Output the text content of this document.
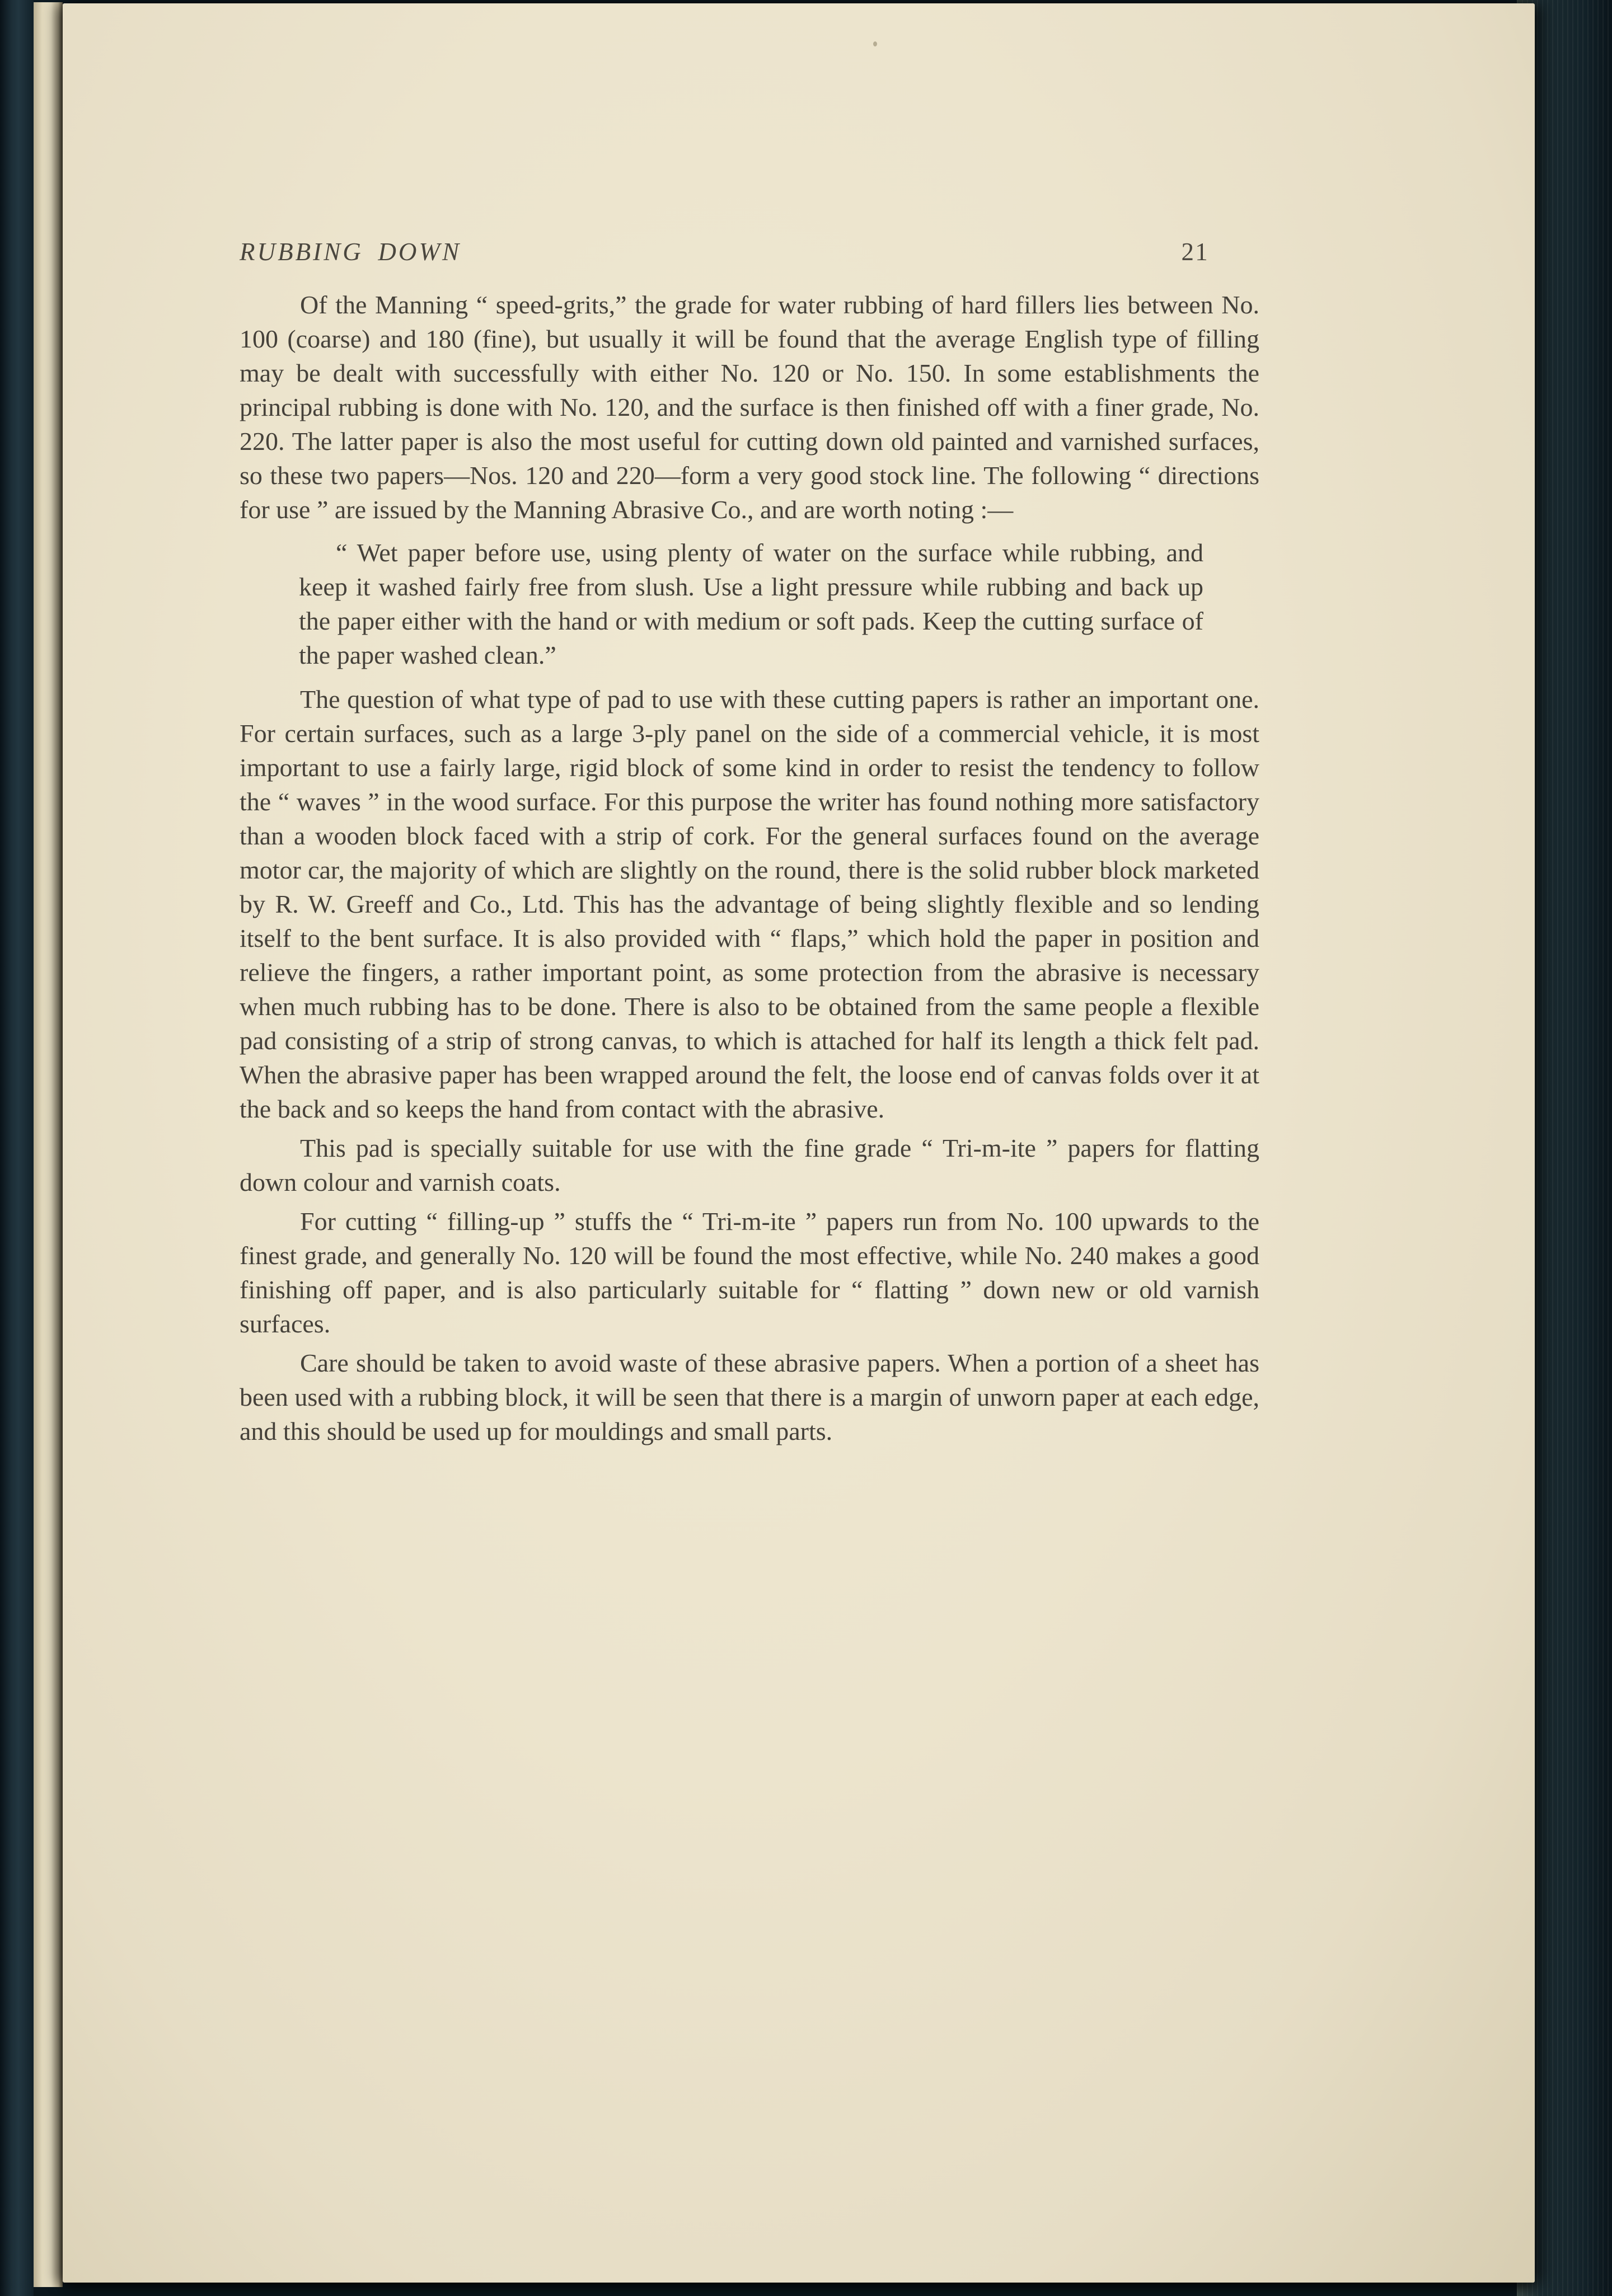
RUBBING DOWN	21

Of the Manning “ speed-grits,” the grade for water rubbing of hard fillers lies between No. 100 (coarse) and 180 (fine), but usually it will be found that the average English type of filling may be dealt with successfully with either No. 120 or No. 150. In some establishments the principal rubbing is done with No. 120, and the surface is then finished off with a finer grade, No. 220. The latter paper is also the most useful for cutting down old painted and varnished surfaces, so these two papers—Nos. 120 and 220—form a very good stock line. The following “ directions for use ” are issued by the Manning Abrasive Co., and are worth noting :—

“ Wet paper before use, using plenty of water on the surface while rubbing, and keep it washed fairly free from slush. Use a light pressure while rubbing and back up the paper either with the hand or with medium or soft pads. Keep the cutting surface of the paper washed clean.”

The question of what type of pad to use with these cutting papers is rather an important one. For certain surfaces, such as a large 3-ply panel on the side of a commercial vehicle, it is most important to use a fairly large, rigid block of some kind in order to resist the tendency to follow the “ waves ” in the wood surface. For this purpose the writer has found nothing more satisfactory than a wooden block faced with a strip of cork. For the general surfaces found on the average motor car, the majority of which are slightly on the round, there is the solid rubber block marketed by R. W. Greeff and Co., Ltd. This has the advantage of being slightly flexible and so lending itself to the bent surface. It is also provided with “ flaps,” which hold the paper in position and relieve the fingers, a rather important point, as some protection from the abrasive is necessary when much rubbing has to be done. There is also to be obtained from the same people a flexible pad consisting of a strip of strong canvas, to which is attached for half its length a thick felt pad. When the abrasive paper has been wrapped around the felt, the loose end of canvas folds over it at the back and so keeps the hand from contact with the abrasive.

This pad is specially suitable for use with the fine grade “ Tri-m-ite ” papers for flatting down colour and varnish coats.

For cutting “ filling-up ” stuffs the “ Tri-m-ite ” papers run from No. 100 upwards to the finest grade, and generally No. 120 will be found the most effective, while No. 240 makes a good finishing off paper, and is also particularly suitable for “ flatting ” down new or old varnish surfaces.

Care should be taken to avoid waste of these abrasive papers. When a portion of a sheet has been used with a rubbing block, it will be seen that there is a margin of unworn paper at each edge, and this should be used up for mouldings and small parts.
